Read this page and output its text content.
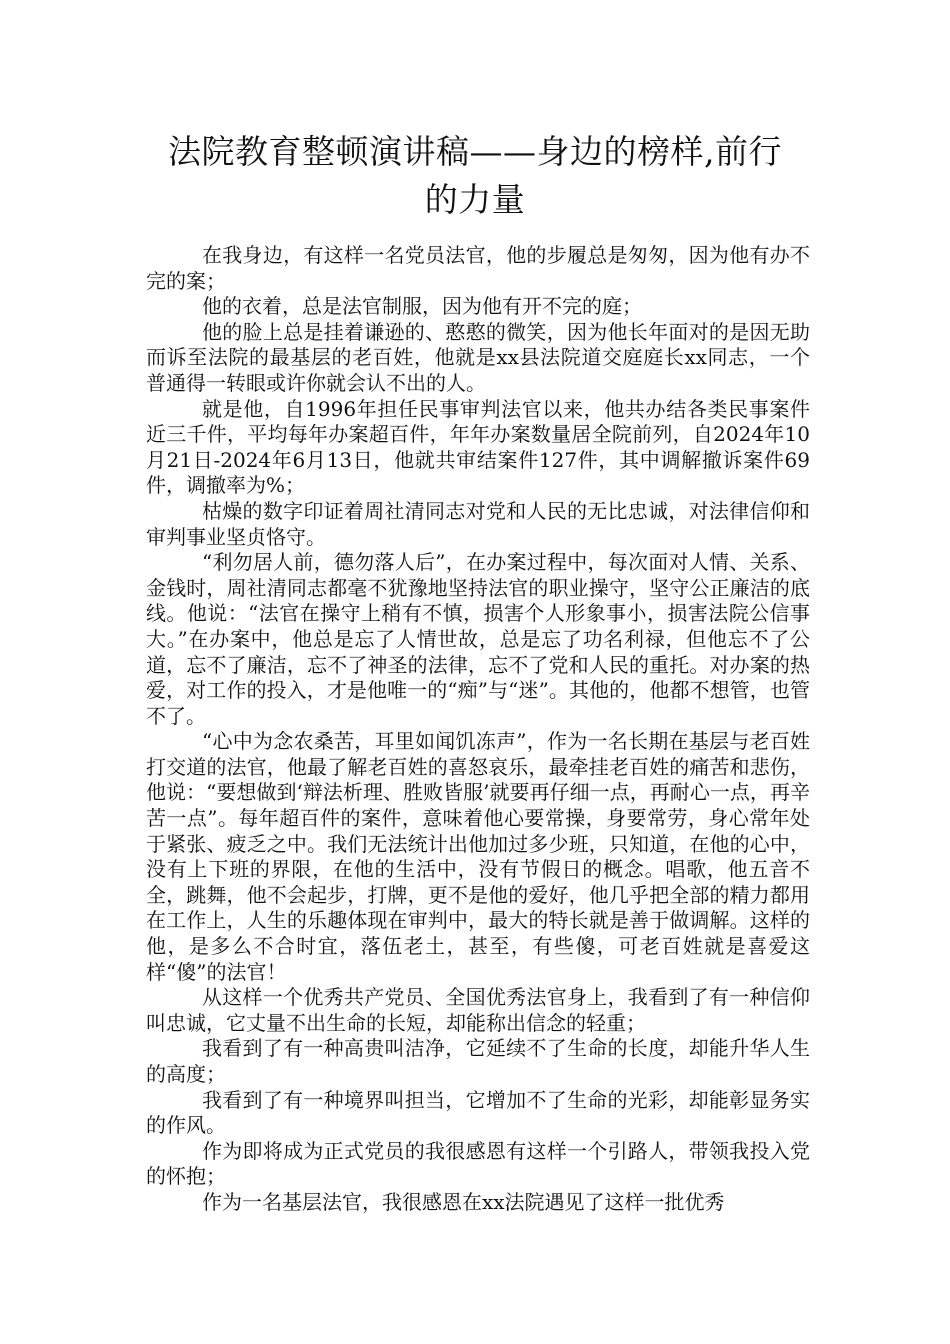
法院教育整顿演讲稿——身边的榜样,前行
的力量

在我身边，有这样一名党员法官，他的步履总是匆匆，因为他有办不完的案；

他的衣着，总是法官制服，因为他有开不完的庭；

他的脸上总是挂着谦逊的、憨憨的微笑，因为他长年面对的是因无助而诉至法院的最基层的老百姓，他就是xx县法院道交庭庭长xx同志，一个普通得一转眼或许你就会认不出的人。

就是他，自1996年担任民事审判法官以来，他共办结各类民事案件近三千件，平均每年办案超百件，年年办案数量居全院前列，自2024年10月21日-2024年6月13日，他就共审结案件127件，其中调解撤诉案件69件，调撤率为%；

枯燥的数字印证着周社清同志对党和人民的无比忠诚，对法律信仰和审判事业坚贞恪守。

“利勿居人前，德勿落人后”，在办案过程中，每次面对人情、关系、金钱时，周社清同志都毫不犹豫地坚持法官的职业操守，坚守公正廉洁的底线。他说：“法官在操守上稍有不慎，损害个人形象事小，损害法院公信事大。”在办案中，他总是忘了人情世故，总是忘了功名利禄，但他忘不了公道，忘不了廉洁，忘不了神圣的法律，忘不了党和人民的重托。对办案的热爱，对工作的投入，才是他唯一的“痴”与“迷”。其他的，他都不想管，也管不了。

“心中为念农桑苦，耳里如闻饥冻声”，作为一名长期在基层与老百姓打交道的法官，他最了解老百姓的喜怒哀乐，最牵挂老百姓的痛苦和悲伤，他说：“要想做到‘辩法析理、胜败皆服’就要再仔细一点，再耐心一点，再辛苦一点”。每年超百件的案件，意味着他心要常操，身要常劳，身心常年处于紧张、疲乏之中。我们无法统计出他加过多少班，只知道，在他的心中，没有上下班的界限，在他的生活中，没有节假日的概念。唱歌，他五音不全，跳舞，他不会起步，打牌，更不是他的爱好，他几乎把全部的精力都用在工作上，人生的乐趣体现在审判中，最大的特长就是善于做调解。这样的他，是多么不合时宜，落伍老土，甚至，有些傻，可老百姓就是喜爱这样“傻”的法官！

从这样一个优秀共产党员、全国优秀法官身上，我看到了有一种信仰叫忠诚，它丈量不出生命的长短，却能称出信念的轻重；

我看到了有一种高贵叫洁净，它延续不了生命的长度，却能升华人生的高度；

我看到了有一种境界叫担当，它增加不了生命的光彩，却能彰显务实的作风。

作为即将成为正式党员的我很感恩有这样一个引路人，带领我投入党的怀抱；

作为一名基层法官，我很感恩在xx法院遇见了这样一批优秀
